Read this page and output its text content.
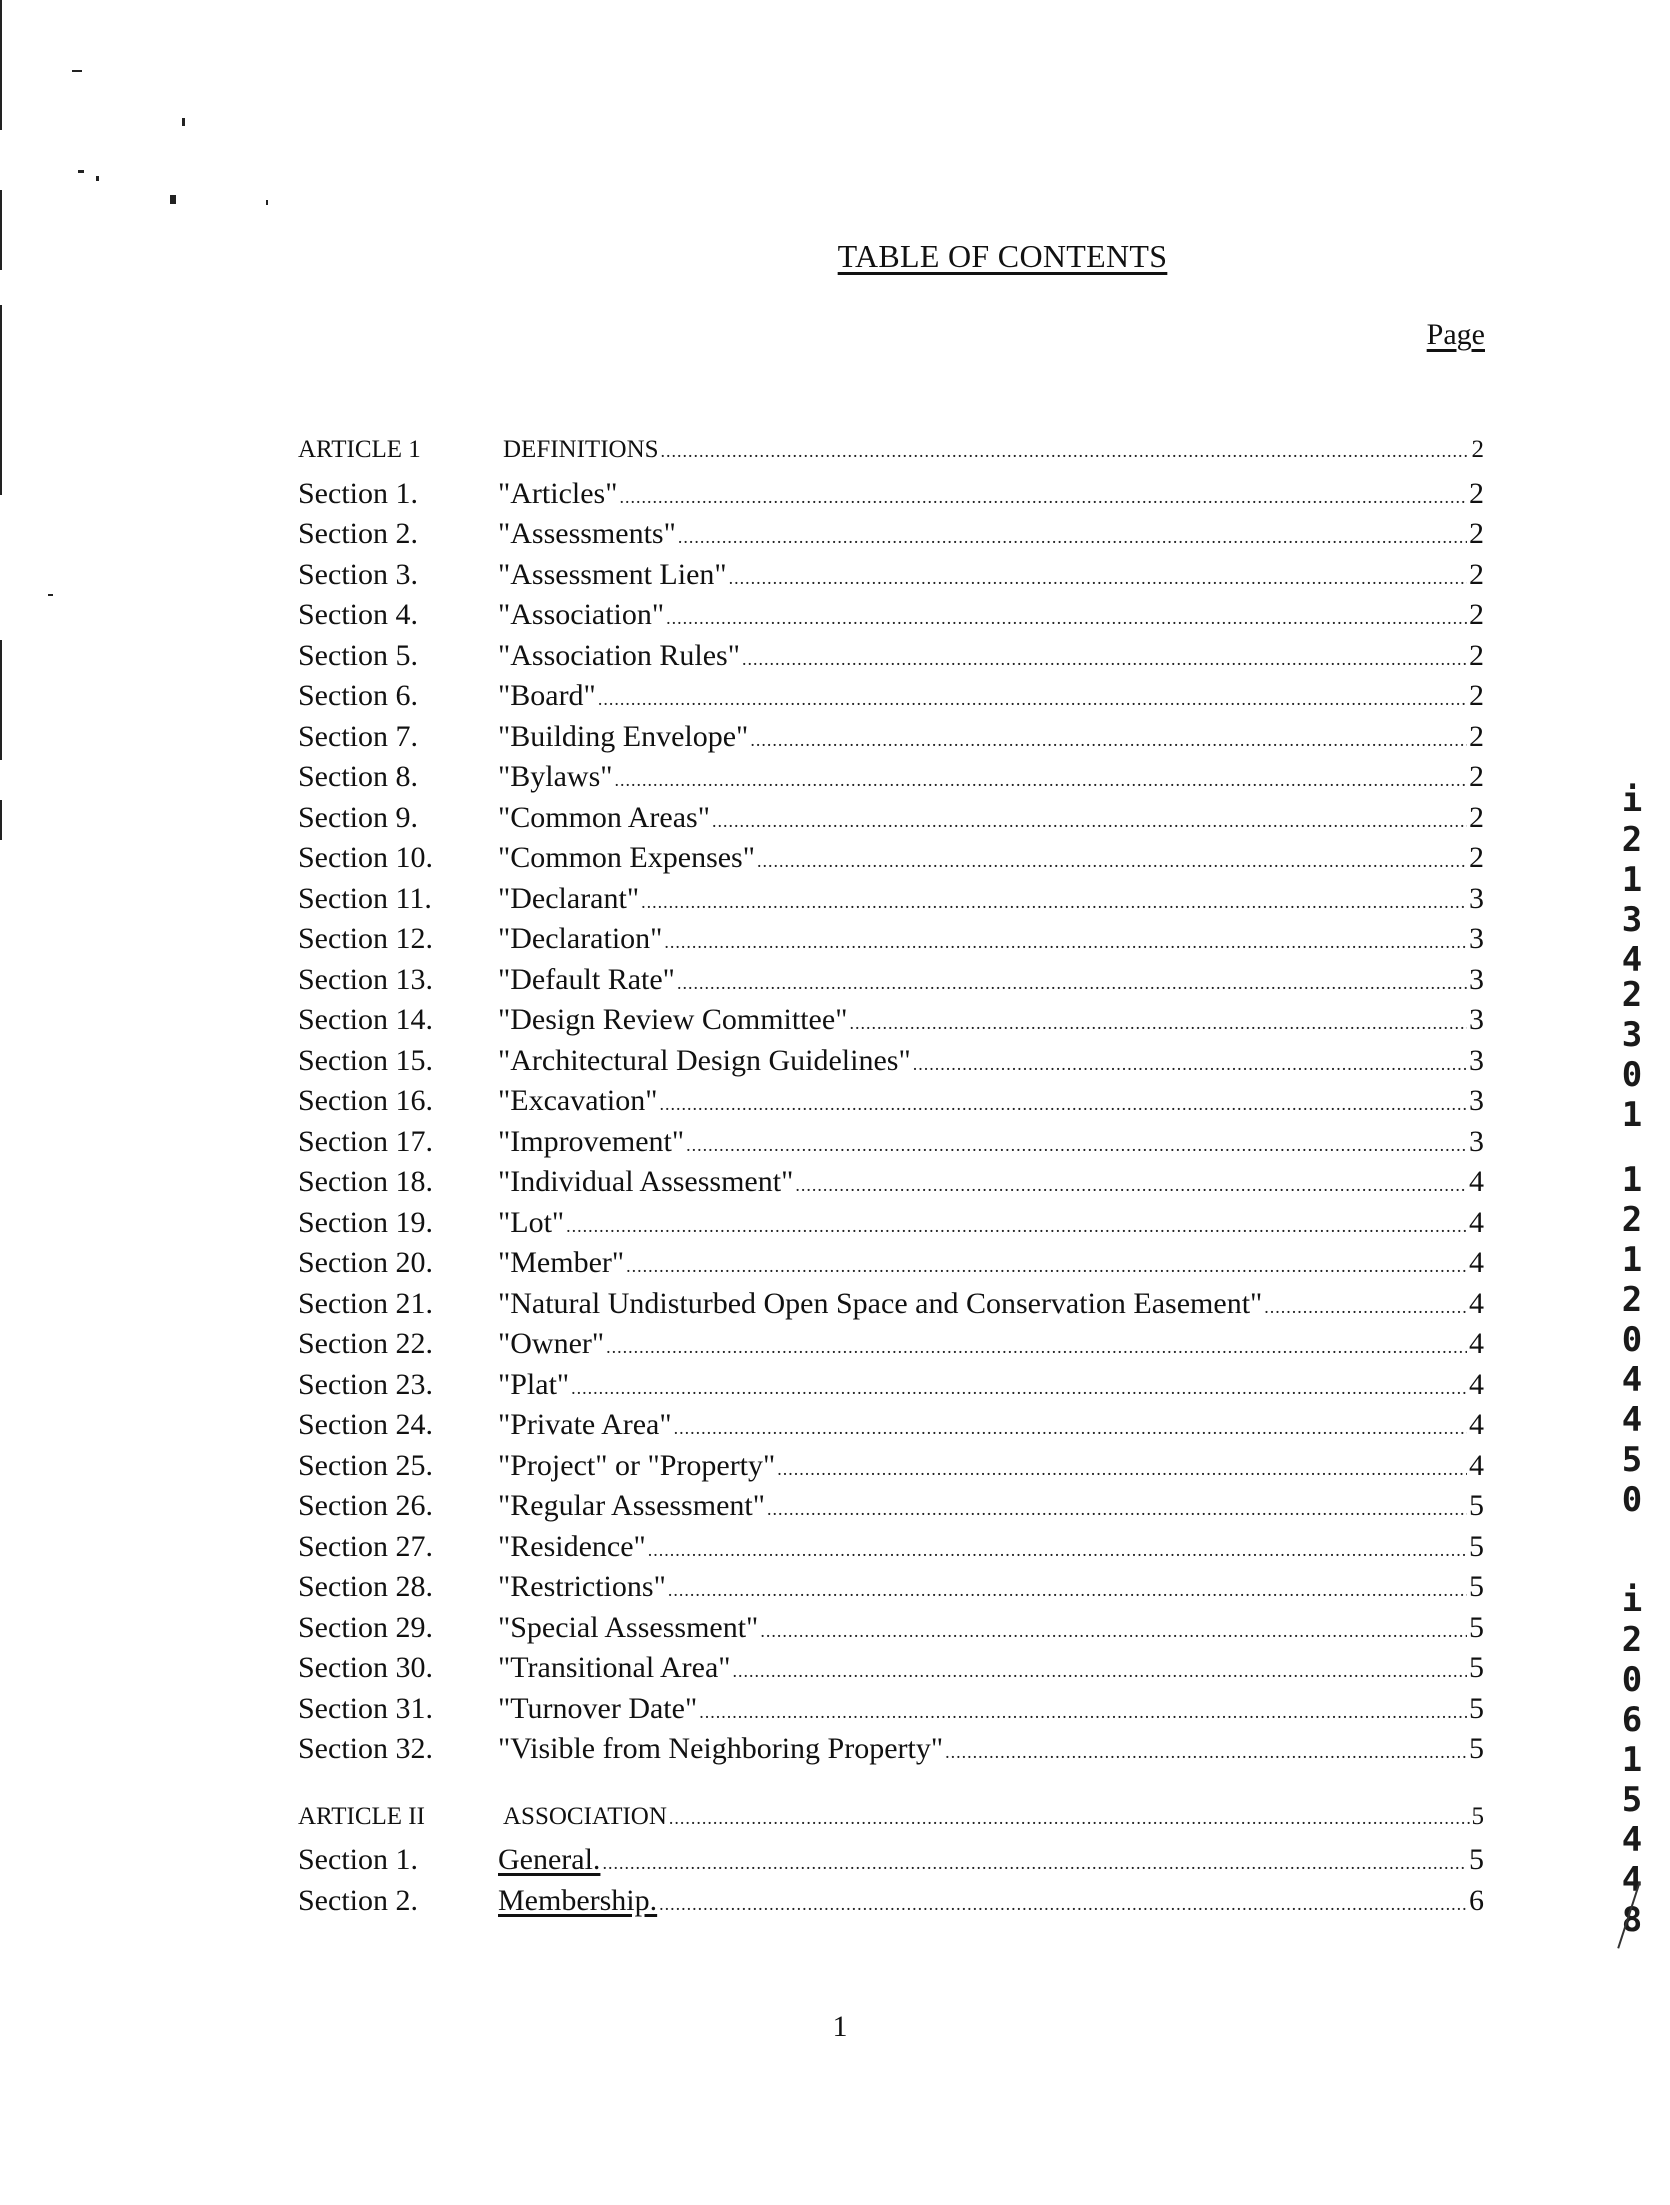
TABLE OF CONTENTS
Page
ARTICLE 1	DEFINITIONS .....	2
Section 1.	"Articles" .....	2
Section 2.	"Assessments" .....	2
Section 3.	"Assessment Lien" .....	2
Section 4.	"Association" .....	2
Section 5.	"Association Rules" .....	2
Section 6.	"Board" .....	2
Section 7.	"Building Envelope" .....	2
Section 8.	"Bylaws" .....	2
Section 9.	"Common Areas" .....	2
Section 10.	"Common Expenses" .....	2
Section 11.	"Declarant" .....	3
Section 12.	"Declaration" .....	3
Section 13.	"Default Rate" .....	3
Section 14.	"Design Review Committee" .....	3
Section 15.	"Architectural Design Guidelines" .....	3
Section 16.	"Excavation" .....	3
Section 17.	"Improvement" .....	3
Section 18.	"Individual Assessment" .....	4
Section 19.	"Lot" .....	4
Section 20.	"Member" .....	4
Section 21.	"Natural Undisturbed Open Space and Conservation Easement" .....	4
Section 22.	"Owner" .....	4
Section 23.	"Plat" .....	4
Section 24.	"Private Area" .....	4
Section 25.	"Project" or "Property" .....	4
Section 26.	"Regular Assessment" .....	5
Section 27.	"Residence" .....	5
Section 28.	"Restrictions" .....	5
Section 29.	"Special Assessment" .....	5
Section 30.	"Transitional Area" .....	5
Section 31.	"Turnover Date" .....	5
Section 32.	"Visible from Neighboring Property" .....	5
ARTICLE II	ASSOCIATION .....	5
Section 1.	General. .....	5
Section 2.	Membership. .....	6
1
i
2
1
3
4
2
3
0
1
1
2
1
2
0
4
4
5
0
i
2
0
6
1
5
4
4
8
